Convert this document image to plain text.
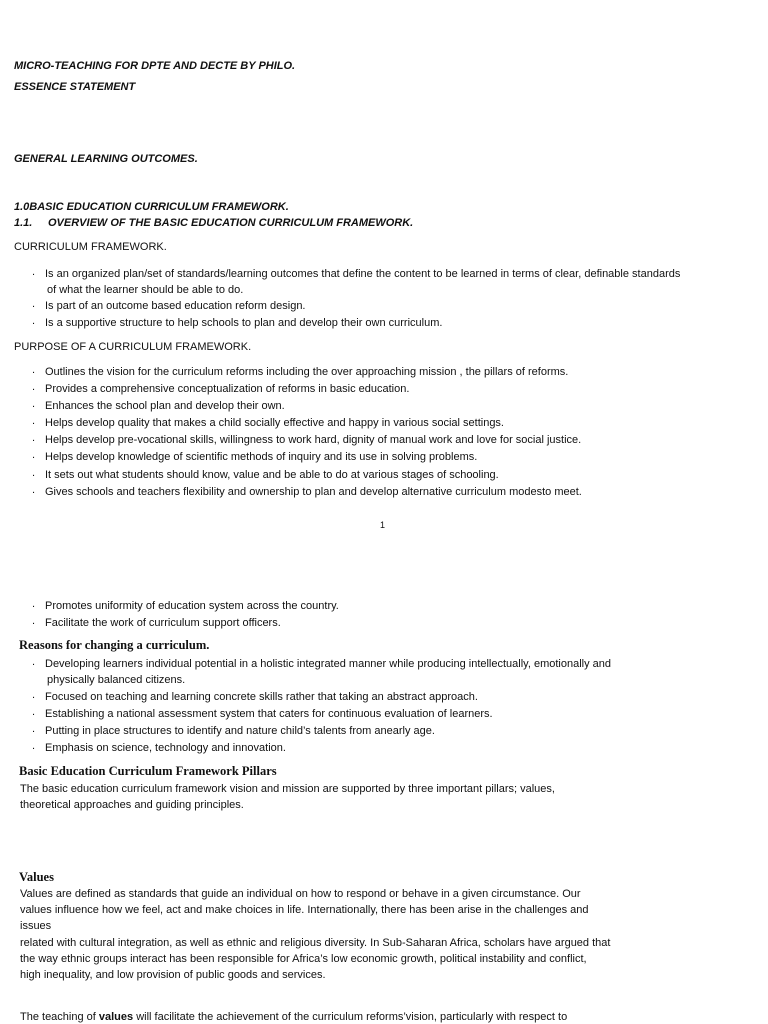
MICRO-TEACHING FOR DPTE AND DECTE BY PHILO.
ESSENCE STATEMENT
GENERAL LEARNING OUTCOMES.
1.0BASIC EDUCATION CURRICULUM FRAMEWORK.
1.1. OVERVIEW OF THE BASIC EDUCATION CURRICULUM FRAMEWORK.
CURRICULUM FRAMEWORK.
. Is an organized plan/set of standards/learning outcomes that define the content to be learned in terms of clear, definable standards
of what the learner should be able to do.
. Is part of an outcome based education reform design.
. Is a supportive structure to help schools to plan and develop their own curriculum.
PURPOSE OF A CURRICULUM FRAMEWORK.
. Outlines the vision for the curriculum reforms including the over approaching mission , the pillars of reforms.
. Provides a comprehensive conceptualization of reforms in basic education.
. Enhances the school plan and develop their own.
. Helps develop quality that makes a child socially effective and happy in various social settings.
. Helps develop pre-vocational skills, willingness to work hard, dignity of manual work and love for social justice.
. Helps develop knowledge of scientific methods of inquiry and its use in solving problems.
. It sets out what students should know, value and be able to do at various stages of schooling.
. Gives schools and teachers flexibility and ownership to plan and develop alternative curriculum modesto meet.
1
. Promotes uniformity of education system across the country.
. Facilitate the work of curriculum support officers.
Reasons for changing a curriculum.
. Developing learners individual potential in a holistic integrated manner while producing intellectually, emotionally and
physically balanced citizens.
. Focused on teaching and learning concrete skills rather that taking an abstract approach.
. Establishing a national assessment system that caters for continuous evaluation of learners.
. Putting in place structures to identify and nature child’s talents from anearly age.
. Emphasis on science, technology and innovation.
Basic Education Curriculum Framework Pillars
The basic education curriculum framework vision and mission are supported by three important pillars; values,
theoretical approaches and guiding principles.
Values
Values are defined as standards that guide an individual on how to respond or behave in a given circumstance. Our
values influence how we feel, act and make choices in life. Internationally, there has been arise in the challenges and
issues
related with cultural integration, as well as ethnic and religious diversity. In Sub-Saharan Africa, scholars have argued that
the way ethnic groups interact has been responsible for Africa’s low economic growth, political instability and conflict,
high inequality, and low provision of public goods and services.
The teaching of values will facilitate the achievement of the curriculum reforms’vision, particularly with respect to
